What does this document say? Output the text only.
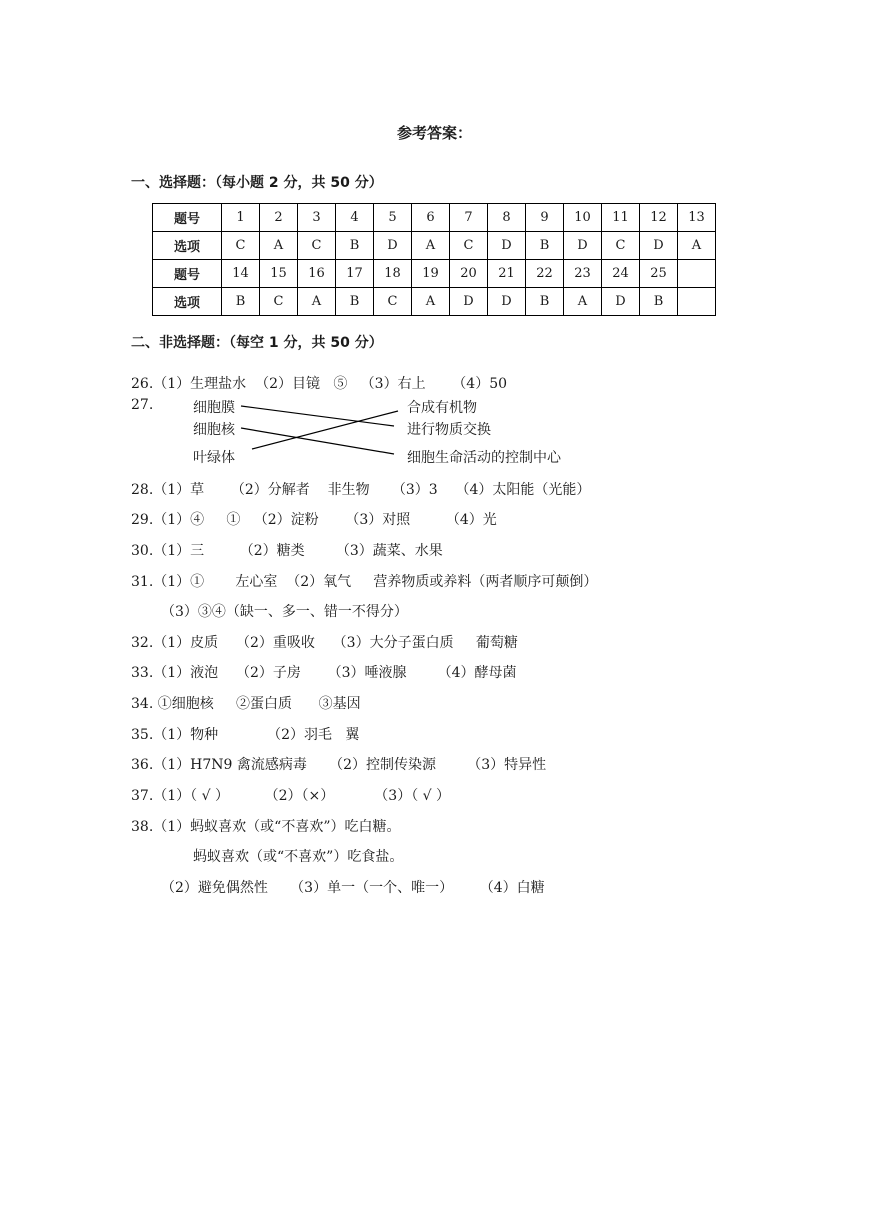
参考答案：
一、选择题：（每小题 2 分，共 50 分）
题号	1	2	3	4	5	6	7	8	9	10	11	12	13
选项	C	A	C	B	D	A	C	D	B	D	C	D	A
题号	14	15	16	17	18	19	20	21	22	23	24	25	
选项	B	C	A	B	C	A	D	D	B	A	D	B	
二、非选择题：（每空 1 分，共 50 分）
26.（1）生理盐水  （2）目镜   ⑤   （3）右上      （4）50
27.	细胞膜
细胞核
叶绿体
合成有机物
进行物质交换
细胞生命活动的控制中心
28.（1）草      （2）分解者    非生物     （3）3    （4）太阳能（光能）
29.（1）④     ①   （2）淀粉      （3）对照        （4）光
30.（1）三        （2）糖类       （3）蔬菜、水果
31.（1）①       左心室  （2）氧气     营养物质或养料（两者顺序可颠倒）
（3）③④（缺一、多一、错一不得分）
32.（1）皮质    （2）重吸收    （3）大分子蛋白质     葡萄糖
33.（1）液泡    （2）子房      （3）唾液腺       （4）酵母菌
34. ①细胞核     ②蛋白质      ③基因
35.（1）物种           （2）羽毛   翼
36.（1）H7N9 禽流感病毒     （2）控制传染源       （3）特异性
37.（1）（ √ ）        （2）（×）         （3）（ √ ）
38.（1）蚂蚁喜欢（或“不喜欢”）吃白糖。
蚂蚁喜欢（或“不喜欢”）吃食盐。
（2）避免偶然性     （3）单一（一个、唯一）      （4）白糖
